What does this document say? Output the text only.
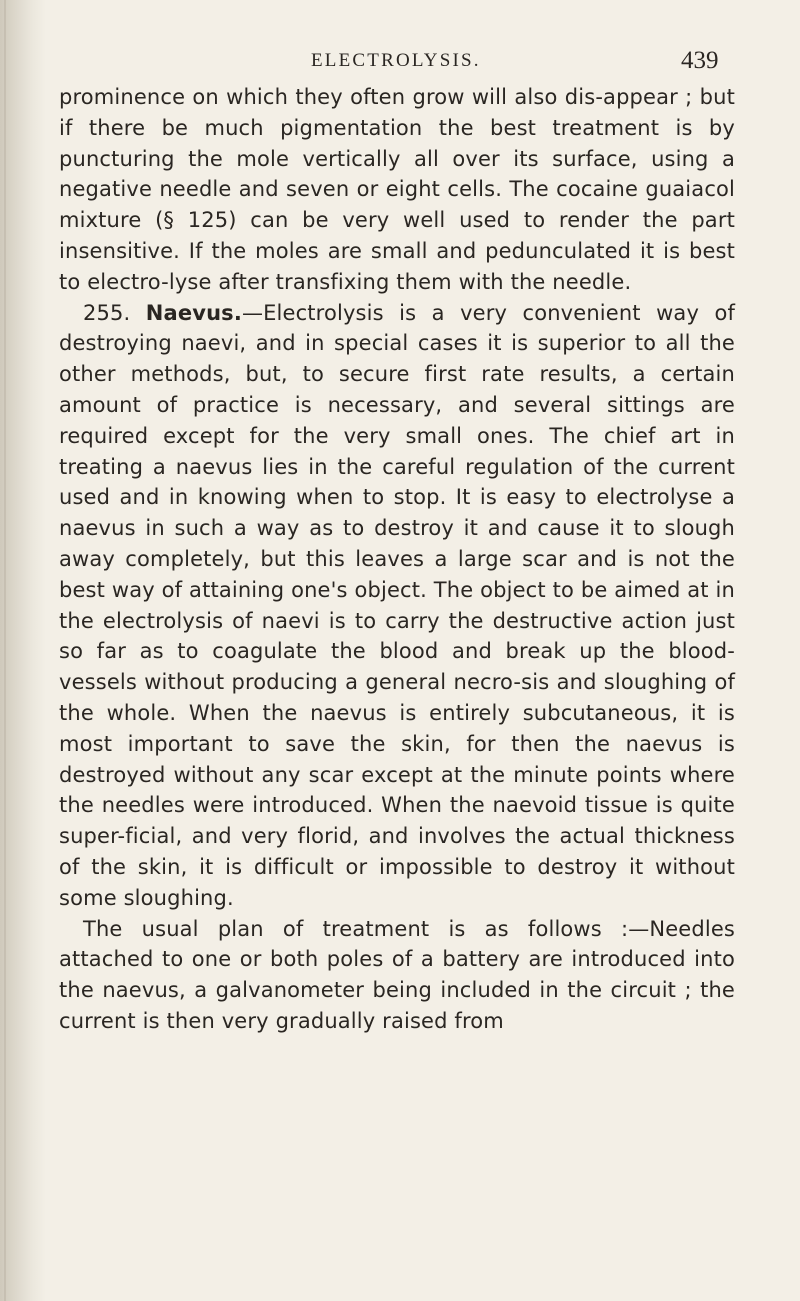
ELECTROLYSIS.	439

prominence on which they often grow will also dis-appear ; but if there be much pigmentation the best treatment is by puncturing the mole vertically all over its surface, using a negative needle and seven or eight cells. The cocaine guaiacol mixture (§ 125) can be very well used to render the part insensitive. If the moles are small and pedunculated it is best to electro-lyse after transfixing them with the needle.

255. Naevus.—Electrolysis is a very convenient way of destroying naevi, and in special cases it is superior to all the other methods, but, to secure first rate results, a certain amount of practice is necessary, and several sittings are required except for the very small ones. The chief art in treating a naevus lies in the careful regulation of the current used and in knowing when to stop. It is easy to electrolyse a naevus in such a way as to destroy it and cause it to slough away completely, but this leaves a large scar and is not the best way of attaining one's object. The object to be aimed at in the electrolysis of naevi is to carry the destructive action just so far as to coagulate the blood and break up the blood-vessels without producing a general necro-sis and sloughing of the whole. When the naevus is entirely subcutaneous, it is most important to save the skin, for then the naevus is destroyed without any scar except at the minute points where the needles were introduced. When the naevoid tissue is quite super-ficial, and very florid, and involves the actual thickness of the skin, it is difficult or impossible to destroy it without some sloughing.

The usual plan of treatment is as follows :—Needles attached to one or both poles of a battery are introduced into the naevus, a galvanometer being included in the circuit ; the current is then very gradually raised from
